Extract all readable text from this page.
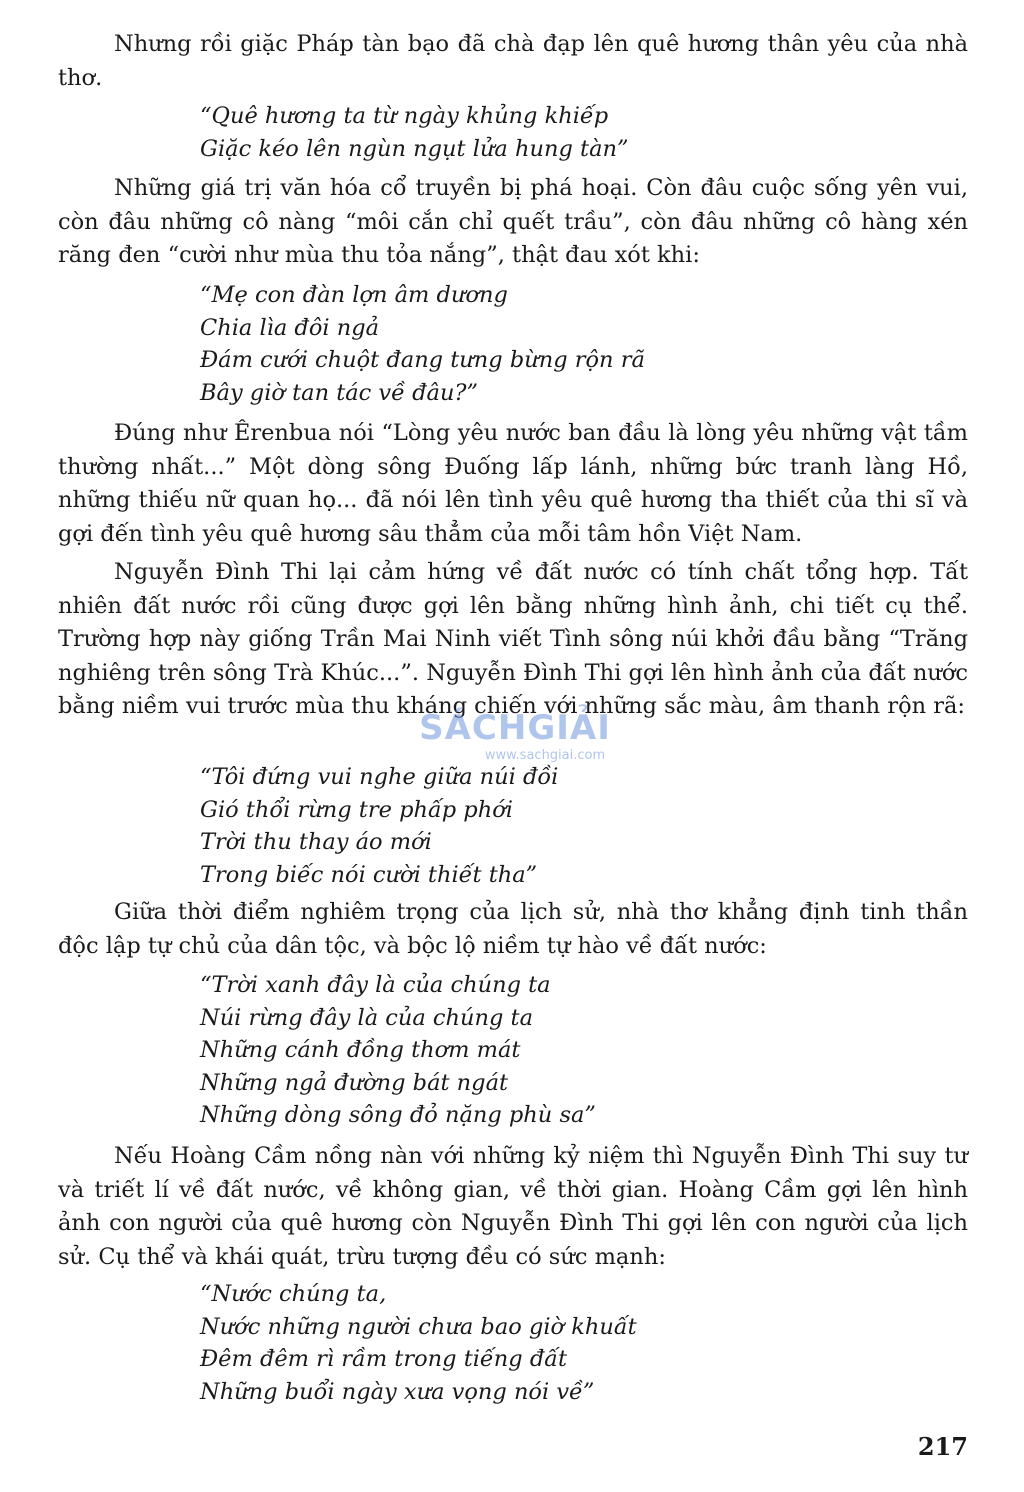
Nhưng rồi giặc Pháp tàn bạo đã chà đạp lên quê hương thân yêu của nhà thơ.

“Quê hương ta từ ngày khủng khiếp
Giặc kéo lên ngùn ngụt lửa hung tàn”

Những giá trị văn hóa cổ truyền bị phá hoại. Còn đâu cuộc sống yên vui, còn đâu những cô nàng “môi cắn chỉ quết trầu”, còn đâu những cô hàng xén răng đen “cười như mùa thu tỏa nắng”, thật đau xót khi:

“Mẹ con đàn lợn âm dương
Chia lìa đôi ngả
Đám cưới chuột đang tưng bừng rộn rã
Bây giờ tan tác về đâu?”

Đúng như Êrenbua nói “Lòng yêu nước ban đầu là lòng yêu những vật tầm thường nhất...” Một dòng sông Đuống lấp lánh, những bức tranh làng Hồ, những thiếu nữ quan họ... đã nói lên tình yêu quê hương tha thiết của thi sĩ và gợi đến tình yêu quê hương sâu thẳm của mỗi tâm hồn Việt Nam.

Nguyễn Đình Thi lại cảm hứng về đất nước có tính chất tổng hợp. Tất nhiên đất nước rồi cũng được gợi lên bằng những hình ảnh, chi tiết cụ thể. Trường hợp này giống Trần Mai Ninh viết Tình sông núi khởi đầu bằng “Trăng nghiêng trên sông Trà Khúc...”. Nguyễn Đình Thi gợi lên hình ảnh của đất nước bằng niềm vui trước mùa thu kháng chiến với những sắc màu, âm thanh rộn rã:

“Tôi đứng vui nghe giữa núi đồi
Gió thổi rừng tre phấp phới
Trời thu thay áo mới
Trong biếc nói cười thiết tha”

Giữa thời điểm nghiêm trọng của lịch sử, nhà thơ khẳng định tinh thần độc lập tự chủ của dân tộc, và bộc lộ niềm tự hào về đất nước:

“Trời xanh đây là của chúng ta
Núi rừng đây là của chúng ta
Những cánh đồng thơm mát
Những ngả đường bát ngát
Những dòng sông đỏ nặng phù sa”

Nếu Hoàng Cầm nồng nàn với những kỷ niệm thì Nguyễn Đình Thi suy tư và triết lí về đất nước, về không gian, về thời gian. Hoàng Cầm gợi lên hình ảnh con người của quê hương còn Nguyễn Đình Thi gợi lên con người của lịch sử. Cụ thể và khái quát, trừu tượng đều có sức mạnh:

“Nước chúng ta,
Nước những người chưa bao giờ khuất
Đêm đêm rì rầm trong tiếng đất
Những buổi ngày xưa vọng nói về”
SÁCHGIẢI
www.sachgiai.com
217
